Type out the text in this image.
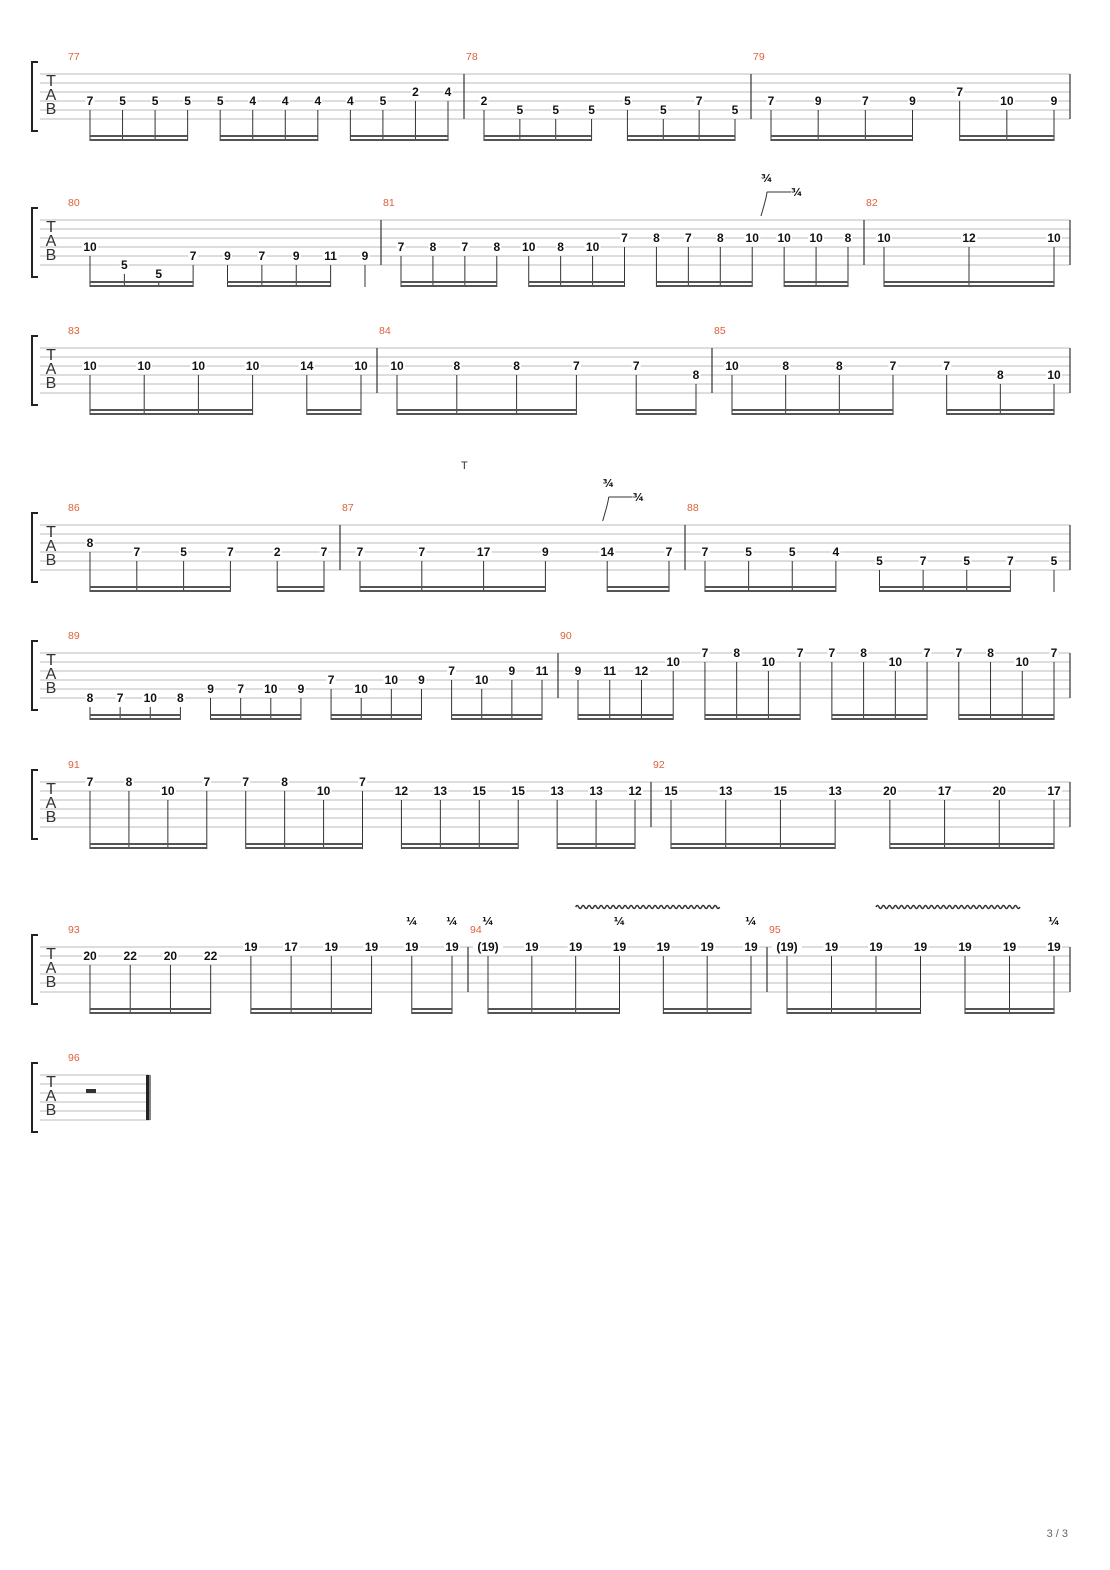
T
A
B
77
7 5 5 5 5 4 4 4 4 5
2 4
78
2
5 5 5
5
5
7
5
79
7	9	7	9
7
10	9
T
A
B
80
10
5
5
7 9 7 9 11 9
81
7 8 7 8 10 8 10
7 8 7 8 10 10 10 8
¾
¾
82
10	12	10
T
A
B
83
10	10	10	10	14	10
84
10	8	8	7	7
8
85
10	8	8	7	7
8	10
T
A
B
86
8
7	5	7	2	7
87
7	7	17	9	14	7
T
¾
¾
88
7	5	5	4
5	7	5	7	5
T
A
B
89
8 7 10 8
9 7 10 9
7
10
10 9
7
10
9 11
90
9 11 12
10
7 8
10
7 7 8
10
7 7 8
10
7
T
A
B
91
7	8
10
7	7	8
10
7
12 13 15 15 13 13 12
92
15	13	15	13	20	17	20	17
T
A
B
93
20 22 20 22
19 17 19 19 19 19
¼
¼
94
(19) 19	19	19	19	19	19
¼
¼
¼
95
(19) 19	19	19	19	19	19
¼
T
A
B
96
3 / 3
